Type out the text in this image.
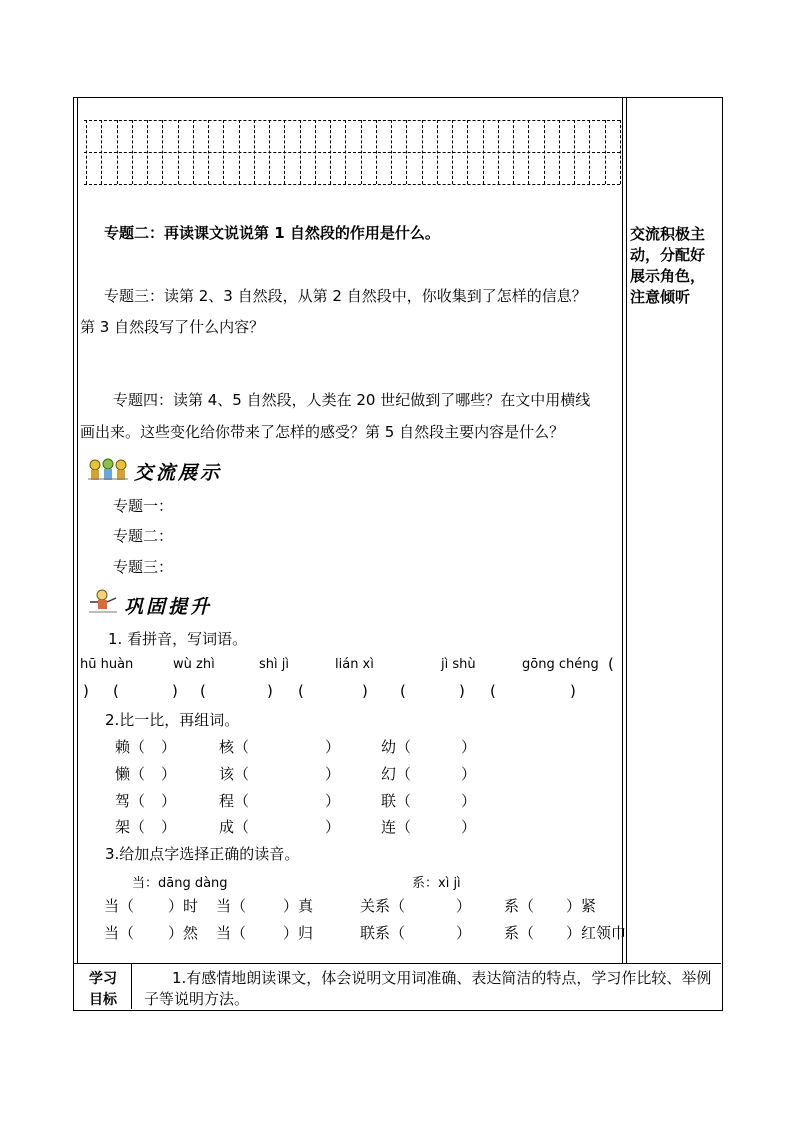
专题二：再读课文说说第 1 自然段的作用是什么。
专题三：读第 2、3 自然段，从第 2 自然段中，你收集到了怎样的信息？
第 3 自然段写了什么内容？
专题四：读第 4、5 自然段，人类在 20 世纪做到了哪些？在文中用横线
画出来。这些变化给你带来了怎样的感受？第 5 自然段主要内容是什么？
交流积极主动，分配好展示角色，注意倾听
交流展示
专题一：
专题二：
专题三：
巩固提升
1. 看拼音，写词语。
hū huàn	wù zhì	shì jì	lián xì	jì shù	gōng chéng (
) (	) (	) (	) (	) (	)
2.比一比，再组词。
赖（ ）	核（	）	幼（	）
懒（ ）	该（	）	幻（	）
驾（ ）	程（	）	联（	）
架（ ）	成（	）	连（	）
3.给加点字选择正确的读音。
当：dāng dàng	系：xì jì
当（ ）时 当（ ）真	关系（	） 系（ ）紧
当（ ）然 当（ ）归	联系（	） 系（ ）红领巾
学习
目标
1.有感情地朗读课文，体会说明文用词准确、表达简洁的特点，学习作比较、举例子等说明方法。
